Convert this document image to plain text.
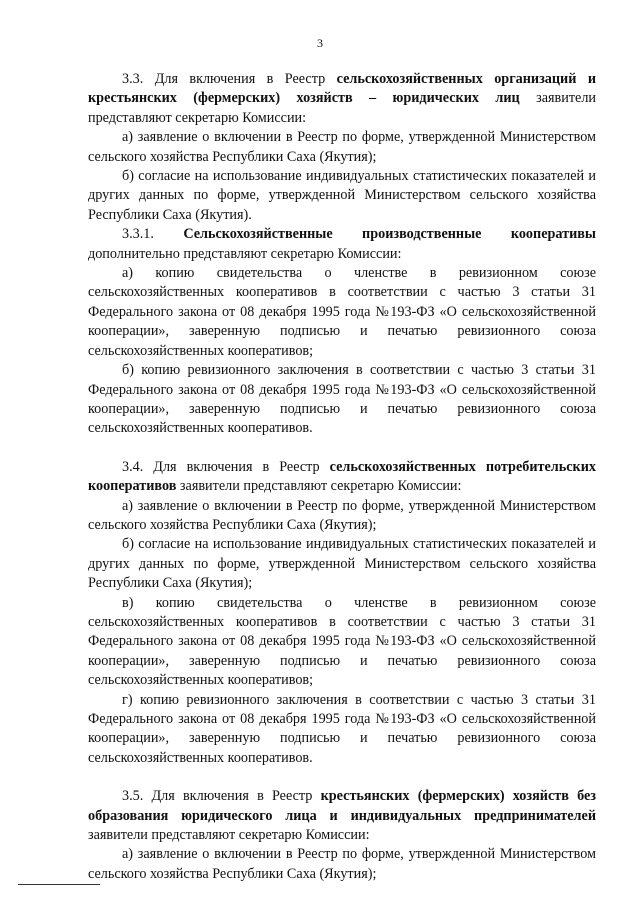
3

3.3. Для включения в Реестр сельскохозяйственных организаций и крестьянских (фермерских) хозяйств – юридических лиц заявители представляют секретарю Комиссии:

а) заявление о включении в Реестр по форме, утвержденной Министерством сельского хозяйства Республики Саха (Якутия);

б) согласие на использование индивидуальных статистических показателей и других данных по форме, утвержденной Министерством сельского хозяйства Республики Саха (Якутия).

3.3.1. Сельскохозяйственные производственные кооперативы дополнительно представляют секретарю Комиссии:

а) копию свидетельства о членстве в ревизионном союзе сельскохозяйственных кооперативов в соответствии с частью 3 статьи 31 Федерального закона от 08 декабря 1995 года №193-ФЗ «О сельскохозяйственной кооперации», заверенную подписью и печатью ревизионного союза сельскохозяйственных кооперативов;

б) копию ревизионного заключения в соответствии с частью 3 статьи 31 Федерального закона от 08 декабря 1995 года №193-ФЗ «О сельскохозяйственной кооперации», заверенную подписью и печатью ревизионного союза сельскохозяйственных кооперативов.

3.4. Для включения в Реестр сельскохозяйственных потребительских кооперативов заявители представляют секретарю Комиссии:

а) заявление о включении в Реестр по форме, утвержденной Министерством сельского хозяйства Республики Саха (Якутия);

б) согласие на использование индивидуальных статистических показателей и других данных по форме, утвержденной Министерством сельского хозяйства Республики Саха (Якутия);

в) копию свидетельства о членстве в ревизионном союзе сельскохозяйственных кооперативов в соответствии с частью 3 статьи 31 Федерального закона от 08 декабря 1995 года №193-ФЗ «О сельскохозяйственной кооперации», заверенную подписью и печатью ревизионного союза сельскохозяйственных кооперативов;

г) копию ревизионного заключения в соответствии с частью 3 статьи 31 Федерального закона от 08 декабря 1995 года №193-ФЗ «О сельскохозяйственной кооперации», заверенную подписью и печатью ревизионного союза сельскохозяйственных кооперативов.

3.5. Для включения в Реестр крестьянских (фермерских) хозяйств без образования юридического лица и индивидуальных предпринимателей заявители представляют секретарю Комиссии:

а) заявление о включении в Реестр по форме, утвержденной Министерством сельского хозяйства Республики Саха (Якутия);
